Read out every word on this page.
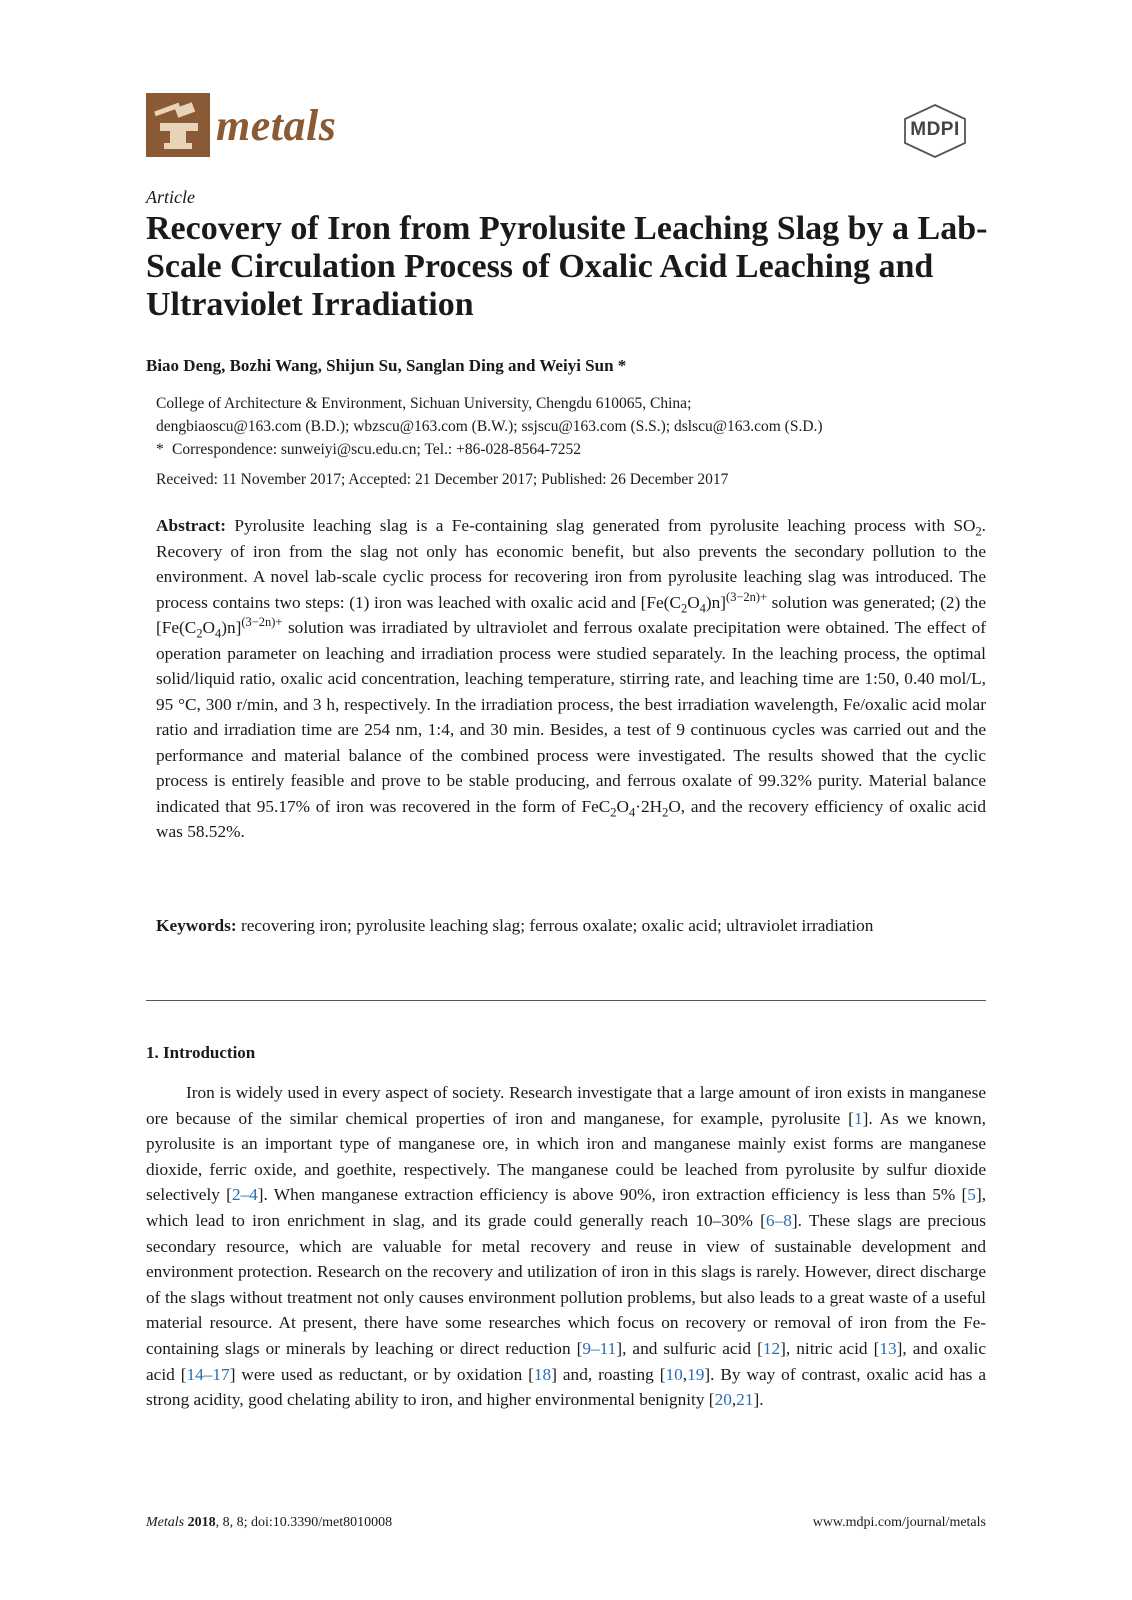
metals	MDPI
Article
Recovery of Iron from Pyrolusite Leaching Slag by a Lab-Scale Circulation Process of Oxalic Acid Leaching and Ultraviolet Irradiation
Biao Deng, Bozhi Wang, Shijun Su, Sanglan Ding and Weiyi Sun *
College of Architecture & Environment, Sichuan University, Chengdu 610065, China;
dengbiaoscu@163.com (B.D.); wbzscu@163.com (B.W.); ssjscu@163.com (S.S.); dslscu@163.com (S.D.)
* Correspondence: sunweiyi@scu.edu.cn; Tel.: +86-028-8564-7252
Received: 11 November 2017; Accepted: 21 December 2017; Published: 26 December 2017

Abstract: Pyrolusite leaching slag is a Fe-containing slag generated from pyrolusite leaching process with $SO_2$. Recovery of iron from the slag not only has economic benefit, but also prevents the secondary pollution to the environment. A novel lab-scale cyclic process for recovering iron from pyrolusite leaching slag was introduced. The process contains two steps: (1) iron was leached with oxalic acid and $[Fe(C_2O_4)n]^{(3-2n)+}$ solution was generated; (2) the $[Fe(C_2O_4)n]^{(3-2n)+}$ solution was irradiated by ultraviolet and ferrous oxalate precipitation were obtained. The effect of operation parameter on leaching and irradiation process were studied separately. In the leaching process, the optimal solid/liquid ratio, oxalic acid concentration, leaching temperature, stirring rate, and leaching time are 1:50, 0.40 mol/L, 95 °C, 300 r/min, and 3 h, respectively. In the irradiation process, the best irradiation wavelength, Fe/oxalic acid molar ratio and irradiation time are 254 nm, 1:4, and 30 min. Besides, a test of 9 continuous cycles was carried out and the performance and material balance of the combined process were investigated. The results showed that the cyclic process is entirely feasible and prove to be stable producing, and ferrous oxalate of 99.32% purity. Material balance indicated that 95.17% of iron was recovered in the form of $FeC_2O_4\cdot 2H_2O$, and the recovery efficiency of oxalic acid was 58.52%.

Keywords: recovering iron; pyrolusite leaching slag; ferrous oxalate; oxalic acid; ultraviolet irradiation

1. Introduction

Iron is widely used in every aspect of society. Research investigate that a large amount of iron exists in manganese ore because of the similar chemical properties of iron and manganese, for example, pyrolusite [1]. As we known, pyrolusite is an important type of manganese ore, in which iron and manganese mainly exist forms are manganese dioxide, ferric oxide, and goethite, respectively. The manganese could be leached from pyrolusite by sulfur dioxide selectively [2–4]. When manganese extraction efficiency is above 90%, iron extraction efficiency is less than 5% [5], which lead to iron enrichment in slag, and its grade could generally reach 10–30% [6–8]. These slags are precious secondary resource, which are valuable for metal recovery and reuse in view of sustainable development and environment protection. Research on the recovery and utilization of iron in this slags is rarely. However, direct discharge of the slags without treatment not only causes environment pollution problems, but also leads to a great waste of a useful material resource. At present, there have some researches which focus on recovery or removal of iron from the Fe-containing slags or minerals by leaching or direct reduction [9–11], and sulfuric acid [12], nitric acid [13], and oxalic acid [14–17] were used as reductant, or by oxidation [18] and, roasting [10,19]. By way of contrast, oxalic acid has a strong acidity, good chelating ability to iron, and higher environmental benignity [20,21].

Metals 2018, 8, 8; doi:10.3390/met8010008	www.mdpi.com/journal/metals
